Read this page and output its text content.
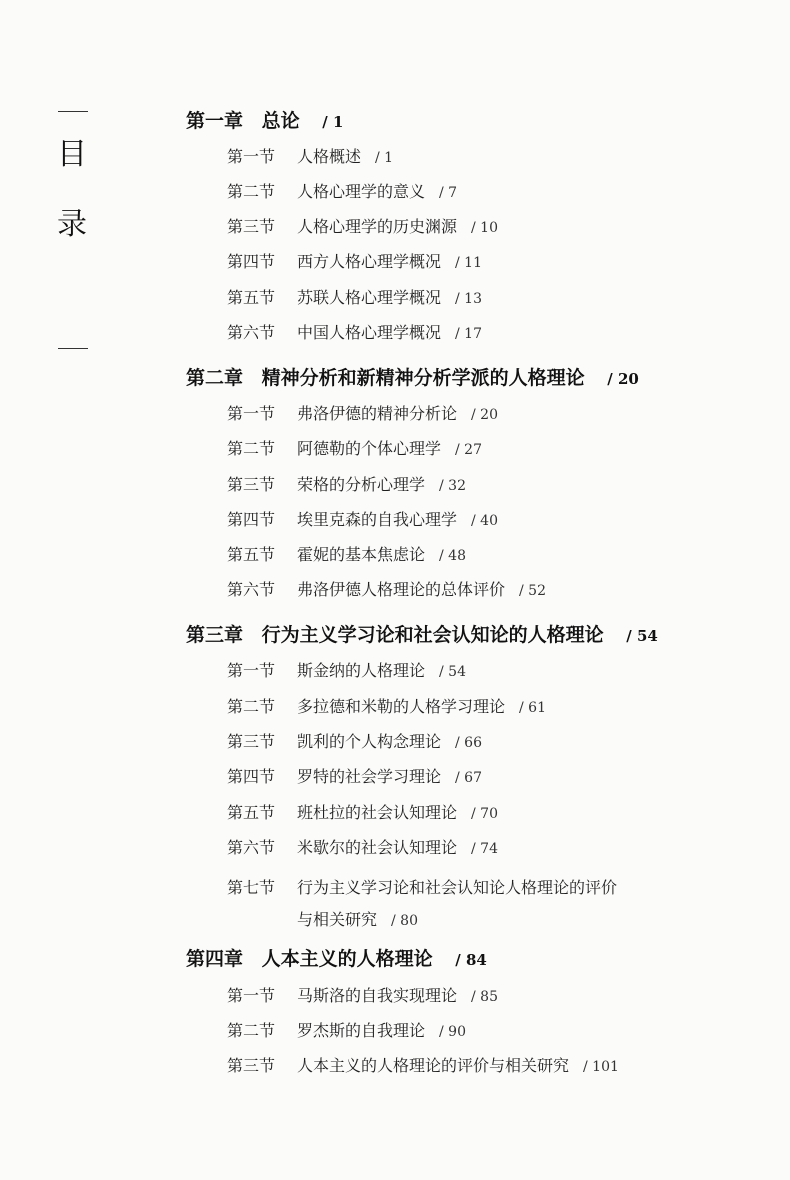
目
录
第一章 总论 / 1
第一节 人格概述 / 1
第二节 人格心理学的意义 / 7
第三节 人格心理学的历史渊源 / 10
第四节 西方人格心理学概况 / 11
第五节 苏联人格心理学概况 / 13
第六节 中国人格心理学概况 / 17
第二章 精神分析和新精神分析学派的人格理论 / 20
第一节 弗洛伊德的精神分析论 / 20
第二节 阿德勒的个体心理学 / 27
第三节 荣格的分析心理学 / 32
第四节 埃里克森的自我心理学 / 40
第五节 霍妮的基本焦虑论 / 48
第六节 弗洛伊德人格理论的总体评价 / 52
第三章 行为主义学习论和社会认知论的人格理论 / 54
第一节 斯金纳的人格理论 / 54
第二节 多拉德和米勒的人格学习理论 / 61
第三节 凯利的个人构念理论 / 66
第四节 罗特的社会学习理论 / 67
第五节 班杜拉的社会认知理论 / 70
第六节 米歇尔的社会认知理论 / 74
第七节 行为主义学习论和社会认知论人格理论的评价
与相关研究 / 80
第四章 人本主义的人格理论 / 84
第一节 马斯洛的自我实现理论 / 85
第二节 罗杰斯的自我理论 / 90
第三节 人本主义的人格理论的评价与相关研究 / 101
